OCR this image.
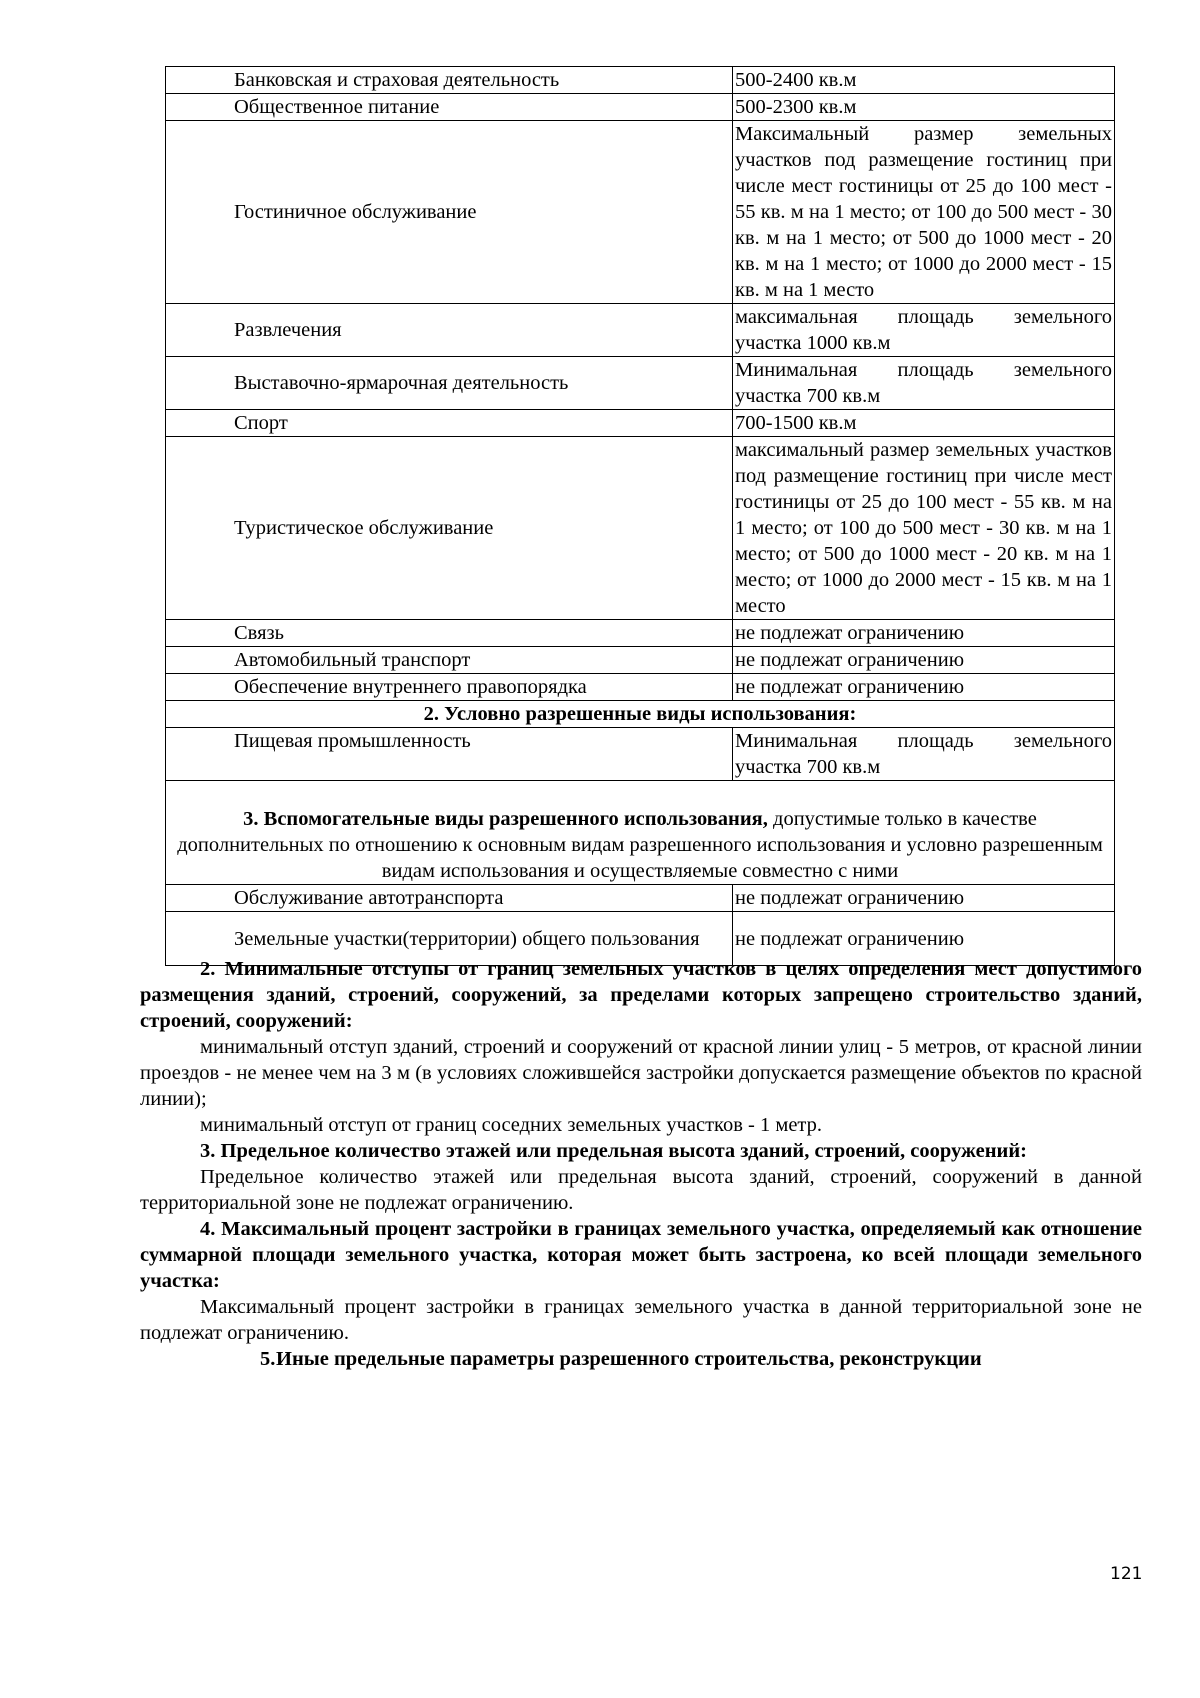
Банковская и страховая деятельность	500-2400 кв.м
Общественное питание	500-2300 кв.м
Гостиничное обслуживание	Максимальный размер земельных участков под размещение гостиниц при числе мест гостиницы от 25 до 100 мест - 55 кв. м на 1 место; от 100 до 500 мест - 30 кв. м на 1 место; от 500 до 1000 мест - 20 кв. м на 1 место; от 1000 до 2000 мест - 15 кв. м на 1 место
Развлечения	максимальная площадь земельного участка 1000 кв.м
Выставочно-ярмарочная деятельность	Минимальная площадь земельного участка 700 кв.м
Спорт	700-1500 кв.м
Туристическое обслуживание	максимальный размер земельных участков под размещение гостиниц при числе мест гостиницы от 25 до 100 мест - 55 кв. м на 1 место; от 100 до 500 мест - 30 кв. м на 1 место; от 500 до 1000 мест - 20 кв. м на 1 место; от 1000 до 2000 мест - 15 кв. м на 1 место
Связь	не подлежат ограничению
Автомобильный транспорт	не подлежат ограничению
Обеспечение внутреннего правопорядка	не подлежат ограничению
2. Условно разрешенные виды использования:	
Пищевая промышленность	Минимальная площадь земельного участка 700 кв.м
3. Вспомогательные виды разрешенного использования, допустимые только в качестве дополнительных по отношению к основным видам разрешенного использования и условно разрешенным видам использования и осуществляемые совместно с ними	
Обслуживание автотранспорта	не подлежат ограничению
Земельные участки(территории) общего пользования	не подлежат ограничению

2. Минимальные отступы от границ земельных участков в целях определения мест допустимого размещения зданий, строений, сооружений, за пределами которых запрещено строительство зданий, строений, сооружений:

минимальный отступ зданий, строений и сооружений от красной линии улиц - 5 метров, от красной линии проездов - не менее чем на 3 м (в условиях сложившейся застройки допускается размещение объектов по красной линии);

минимальный отступ от границ соседних земельных участков - 1 метр.

3. Предельное количество этажей или предельная высота зданий, строений, сооружений:

Предельное количество этажей или предельная высота зданий, строений, сооружений в данной территориальной зоне не подлежат ограничению.

4. Максимальный процент застройки в границах земельного участка, определяемый как отношение суммарной площади земельного участка, которая может быть застроена, ко всей площади земельного участка:

Максимальный процент застройки в границах земельного участка в данной территориальной зоне не подлежат ограничению.

5.Иные предельные параметры разрешенного строительства, реконструкции

121
